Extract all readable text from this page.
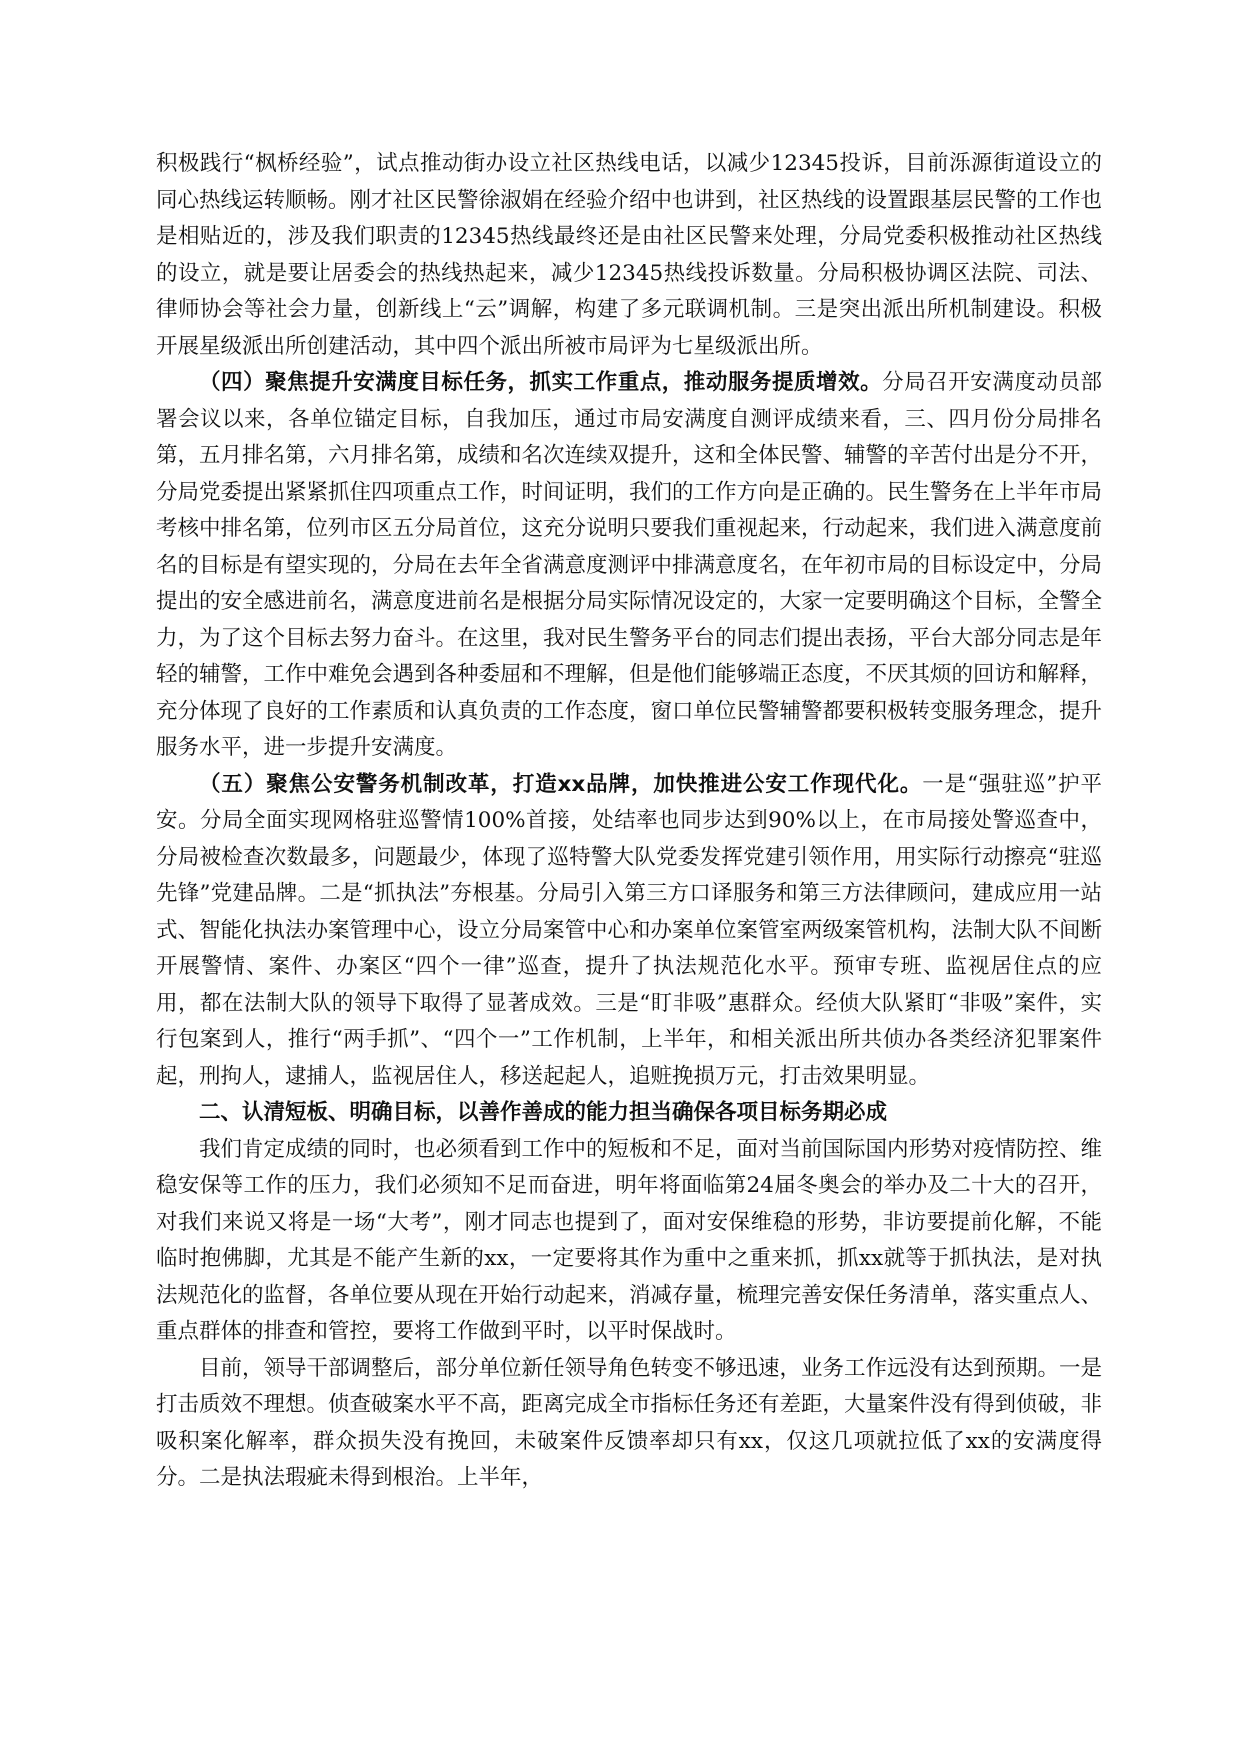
积极践行“枫桥经验”，试点推动街办设立社区热线电话，以减少12345投诉，目前泺源街道设立的同心热线运转顺畅。刚才社区民警徐淑娟在经验介绍中也讲到，社区热线的设置跟基层民警的工作也是相贴近的，涉及我们职责的12345热线最终还是由社区民警来处理，分局党委积极推动社区热线的设立，就是要让居委会的热线热起来，减少12345热线投诉数量。分局积极协调区法院、司法、律师协会等社会力量，创新线上“云”调解，构建了多元联调机制。三是突出派出所机制建设。积极开展星级派出所创建活动，其中四个派出所被市局评为七星级派出所。

（四）聚焦提升安满度目标任务，抓实工作重点，推动服务提质增效。分局召开安满度动员部署会议以来，各单位锚定目标，自我加压，通过市局安满度自测评成绩来看，三、四月份分局排名第，五月排名第，六月排名第，成绩和名次连续双提升，这和全体民警、辅警的辛苦付出是分不开，分局党委提出紧紧抓住四项重点工作，时间证明，我们的工作方向是正确的。民生警务在上半年市局考核中排名第，位列市区五分局首位，这充分说明只要我们重视起来，行动起来，我们进入满意度前名的目标是有望实现的，分局在去年全省满意度测评中排满意度名，在年初市局的目标设定中，分局提出的安全感进前名，满意度进前名是根据分局实际情况设定的，大家一定要明确这个目标，全警全力，为了这个目标去努力奋斗。在这里，我对民生警务平台的同志们提出表扬，平台大部分同志是年轻的辅警，工作中难免会遇到各种委屈和不理解，但是他们能够端正态度，不厌其烦的回访和解释，充分体现了良好的工作素质和认真负责的工作态度，窗口单位民警辅警都要积极转变服务理念，提升服务水平，进一步提升安满度。

（五）聚焦公安警务机制改革，打造xx品牌，加快推进公安工作现代化。一是“强驻巡”护平安。分局全面实现网格驻巡警情100%首接，处结率也同步达到90%以上，在市局接处警巡查中，分局被检查次数最多，问题最少，体现了巡特警大队党委发挥党建引领作用，用实际行动擦亮“驻巡先锋”党建品牌。二是“抓执法”夯根基。分局引入第三方口译服务和第三方法律顾问，建成应用一站式、智能化执法办案管理中心，设立分局案管中心和办案单位案管室两级案管机构，法制大队不间断开展警情、案件、办案区“四个一律”巡查，提升了执法规范化水平。预审专班、监视居住点的应用，都在法制大队的领导下取得了显著成效。三是“盯非吸”惠群众。经侦大队紧盯“非吸”案件，实行包案到人，推行“两手抓”、“四个一”工作机制，上半年，和相关派出所共侦办各类经济犯罪案件起，刑拘人，逮捕人，监视居住人，移送起起人，追赃挽损万元，打击效果明显。

二、认清短板、明确目标，以善作善成的能力担当确保各项目标务期必成

我们肯定成绩的同时，也必须看到工作中的短板和不足，面对当前国际国内形势对疫情防控、维稳安保等工作的压力，我们必须知不足而奋进，明年将面临第24届冬奥会的举办及二十大的召开，对我们来说又将是一场“大考”，刚才同志也提到了，面对安保维稳的形势，非访要提前化解，不能临时抱佛脚，尤其是不能产生新的xx，一定要将其作为重中之重来抓，抓xx就等于抓执法，是对执法规范化的监督，各单位要从现在开始行动起来，消减存量，梳理完善安保任务清单，落实重点人、重点群体的排查和管控，要将工作做到平时，以平时保战时。

目前，领导干部调整后，部分单位新任领导角色转变不够迅速，业务工作远没有达到预期。一是打击质效不理想。侦查破案水平不高，距离完成全市指标任务还有差距，大量案件没有得到侦破，非吸积案化解率，群众损失没有挽回，未破案件反馈率却只有xx，仅这几项就拉低了xx的安满度得分。二是执法瑕疵未得到根治。上半年，
